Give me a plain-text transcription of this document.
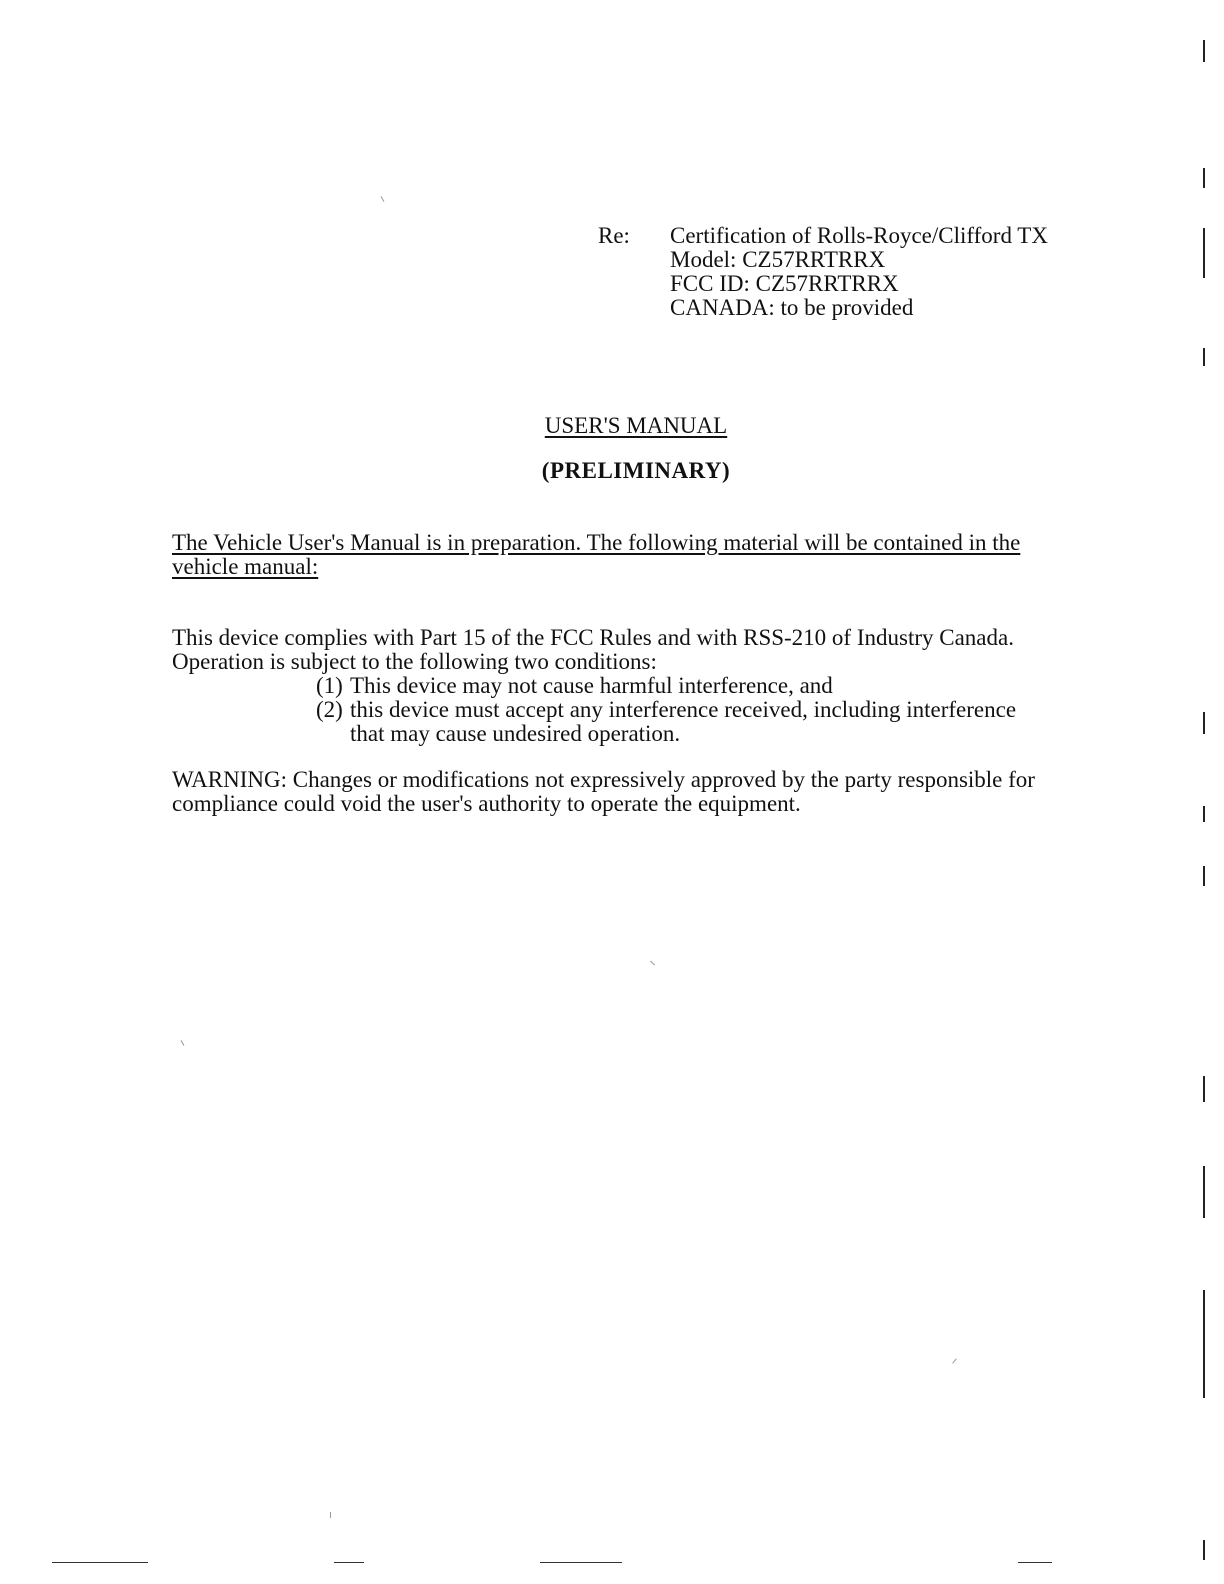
Re: Certification of Rolls-Royce/Clifford TX
Model: CZ57RRTRRX
FCC ID: CZ57RRTRRX
CANADA: to be provided
USER'S MANUAL
(PRELIMINARY)
The Vehicle User's Manual is in preparation. The following material will be contained in the vehicle manual:
This device complies with Part 15 of the FCC Rules and with RSS-210 of Industry Canada.
Operation is subject to the following two conditions:
(1) This device may not cause harmful interference, and
(2) this device must accept any interference received, including interference
that may cause undesired operation.
WARNING: Changes or modifications not expressively approved by the party responsible for
compliance could void the user's authority to operate the equipment.
